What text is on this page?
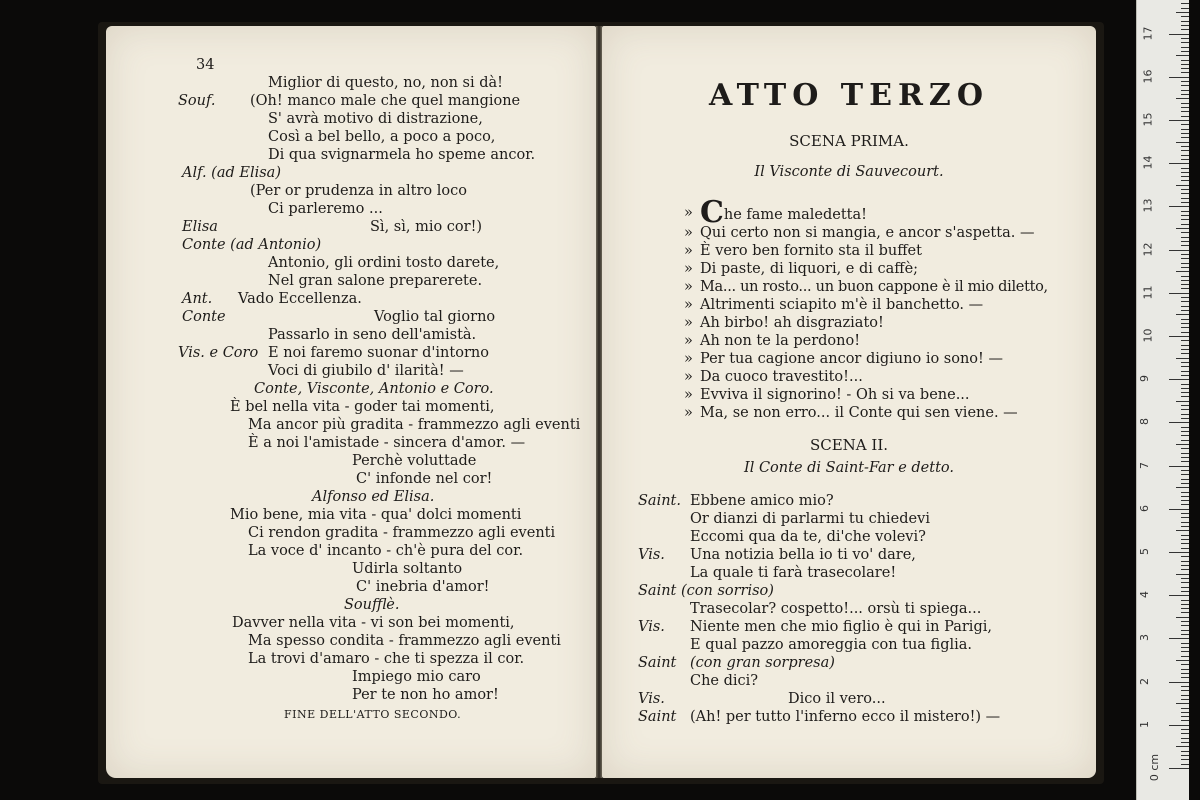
34
Miglior di questo, no, non si dà!
Souf. (Oh! manco male che quel mangione
S' avrà motivo di distrazione,
Così a bel bello, a poco a poco,
Di qua svignarmela ho speme ancor.
Alf. (ad Elisa)
(Per or prudenza in altro loco
Ci parleremo ...
Elisa	Sì, sì, mio cor!)
Conte (ad Antonio)
Antonio, gli ordini tosto darete,
Nel gran salone preparerete.
Ant. Vado Eccellenza.
Conte	Voglio tal giorno
Passarlo in seno dell'amistà.
Vis. e Coro E noi faremo suonar d'intorno
Voci di giubilo d' ilarità! —
Conte, Visconte, Antonio e Coro.
È bel nella vita - goder tai momenti,
Ma ancor più gradita - frammezzo agli eventi
È a noi l'amistade - sincera d'amor. —
Perchè voluttade
C' infonde nel cor!
Alfonso ed Elisa.
Mio bene, mia vita - qua' dolci momenti
Ci rendon gradita - frammezzo agli eventi
La voce d' incanto - ch'è pura del cor.
Udirla soltanto
C' inebria d'amor!
Soufflè.
Davver nella vita - vi son bei momenti,
Ma spesso condita - frammezzo agli eventi
La trovi d'amaro - che ti spezza il cor.
Impiego mio caro
Per te non ho amor!
FINE DELL'ATTO SECONDO.
ATTO TERZO
SCENA PRIMA.
Il Visconte di Sauvecourt.
» Che fame maledetta!
» Qui certo non si mangia, e ancor s'aspetta. —
» È vero ben fornito sta il buffet
» Di paste, di liquori, e di caffè;
» Ma... un rosto... un buon cappone è il mio diletto,
» Altrimenti sciapito m'è il banchetto. —
» Ah birbo! ah disgraziato!
» Ah non te la perdono!
» Per tua cagione ancor digiuno io sono! —
» Da cuoco travestito!...
» Evviva il signorino! - Oh si va bene...
» Ma, se non erro... il Conte qui sen viene. —
SCENA II.
Il Conte di Saint-Far e detto.
Saint. Ebbene amico mio?
Or dianzi di parlarmi tu chiedevi
Eccomi qua da te, di'che volevi?
Vis. Una notizia bella io ti vo' dare,
La quale ti farà trasecolare!
Saint (con sorriso)
Trasecolar? cospetto!... orsù ti spiega...
Vis. Niente men che mio figlio è qui in Parigi,
E qual pazzo amoreggia con tua figlia.
Saint (con gran sorpresa)
Che dici?
Vis.	Dico il vero...
Saint (Ah! per tutto l'inferno ecco il mistero!) —
0 cm
1
2
3
4
5
6
7
8
9
10
11
12
13
14
15
16
17
